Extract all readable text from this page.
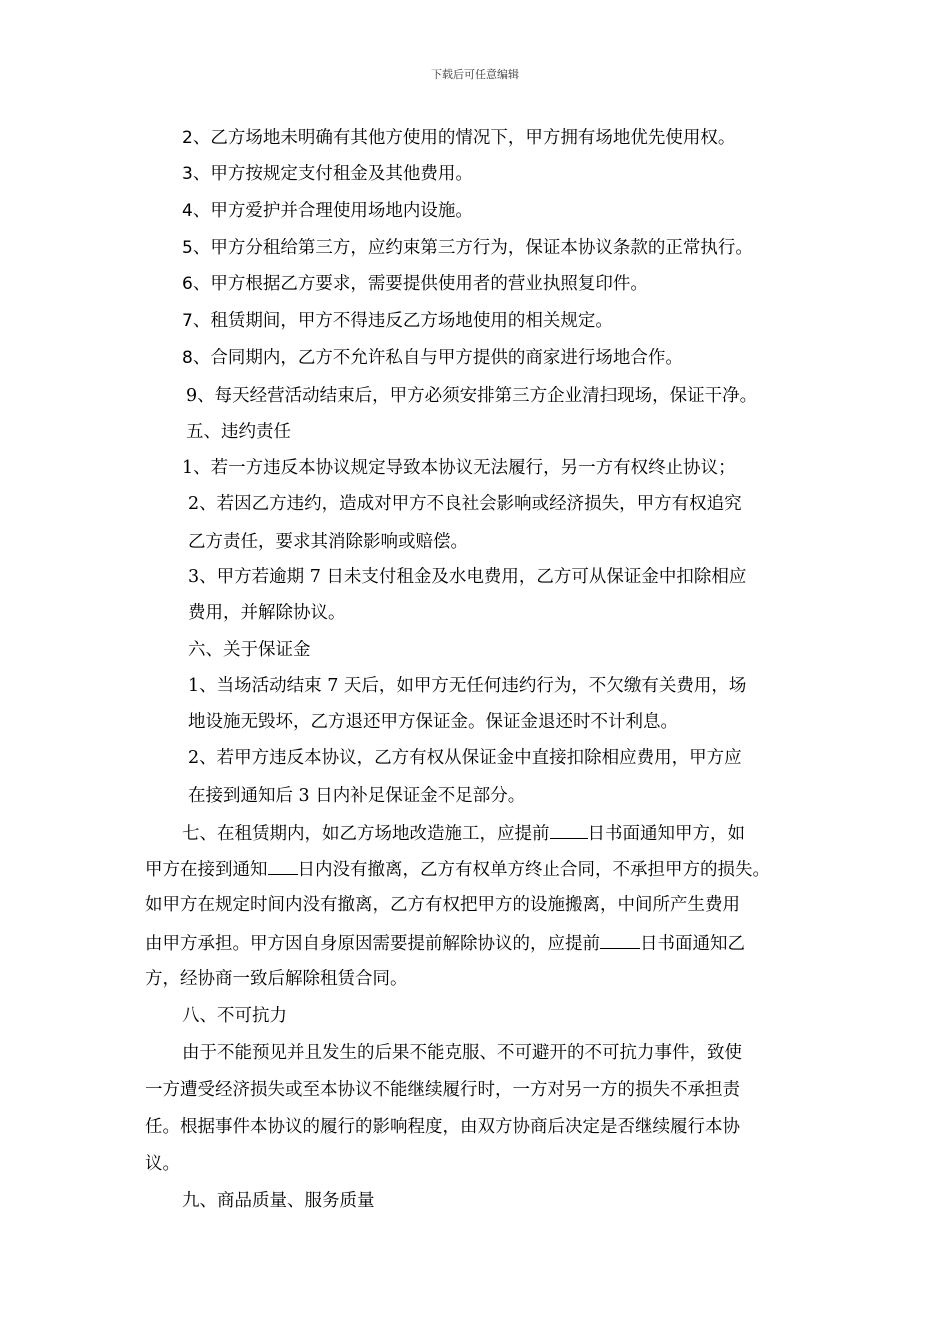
下载后可任意编辑
2、乙方场地未明确有其他方使用的情况下，甲方拥有场地优先使用权。
3、甲方按规定支付租金及其他费用。
4、甲方爱护并合理使用场地内设施。
5、甲方分租给第三方，应约束第三方行为，保证本协议条款的正常执行。
6、甲方根据乙方要求，需要提供使用者的营业执照复印件。
7、租赁期间，甲方不得违反乙方场地使用的相关规定。
8、合同期内，乙方不允许私自与甲方提供的商家进行场地合作。
9、每天经营活动结束后，甲方必须安排第三方企业清扫现场，保证干净。
五、违约责任
1、若一方违反本协议规定导致本协议无法履行，另一方有权终止协议；
2、若因乙方违约，造成对甲方不良社会影响或经济损失，甲方有权追究
乙方责任，要求其消除影响或赔偿。
3、甲方若逾期 7 日未支付租金及水电费用，乙方可从保证金中扣除相应
费用，并解除协议。
六、关于保证金
1、当场活动结束 7 天后，如甲方无任何违约行为，不欠缴有关费用，场
地设施无毁坏，乙方退还甲方保证金。保证金退还时不计利息。
2、若甲方违反本协议，乙方有权从保证金中直接扣除相应费用，甲方应
在接到通知后 3 日内补足保证金不足部分。
七、在租赁期内，如乙方场地改造施工，应提前 日书面通知甲方，如
甲方在接到通知 日内没有撤离，乙方有权单方终止合同，不承担甲方的损失。
如甲方在规定时间内没有撤离，乙方有权把甲方的设施搬离，中间所产生费用
由甲方承担。甲方因自身原因需要提前解除协议的，应提前 日书面通知乙
方，经协商一致后解除租赁合同。
八、不可抗力
由于不能预见并且发生的后果不能克服、不可避开的不可抗力事件，致使
一方遭受经济损失或至本协议不能继续履行时，一方对另一方的损失不承担责
任。根据事件本协议的履行的影响程度，由双方协商后决定是否继续履行本协
议。
九、商品质量、服务质量
